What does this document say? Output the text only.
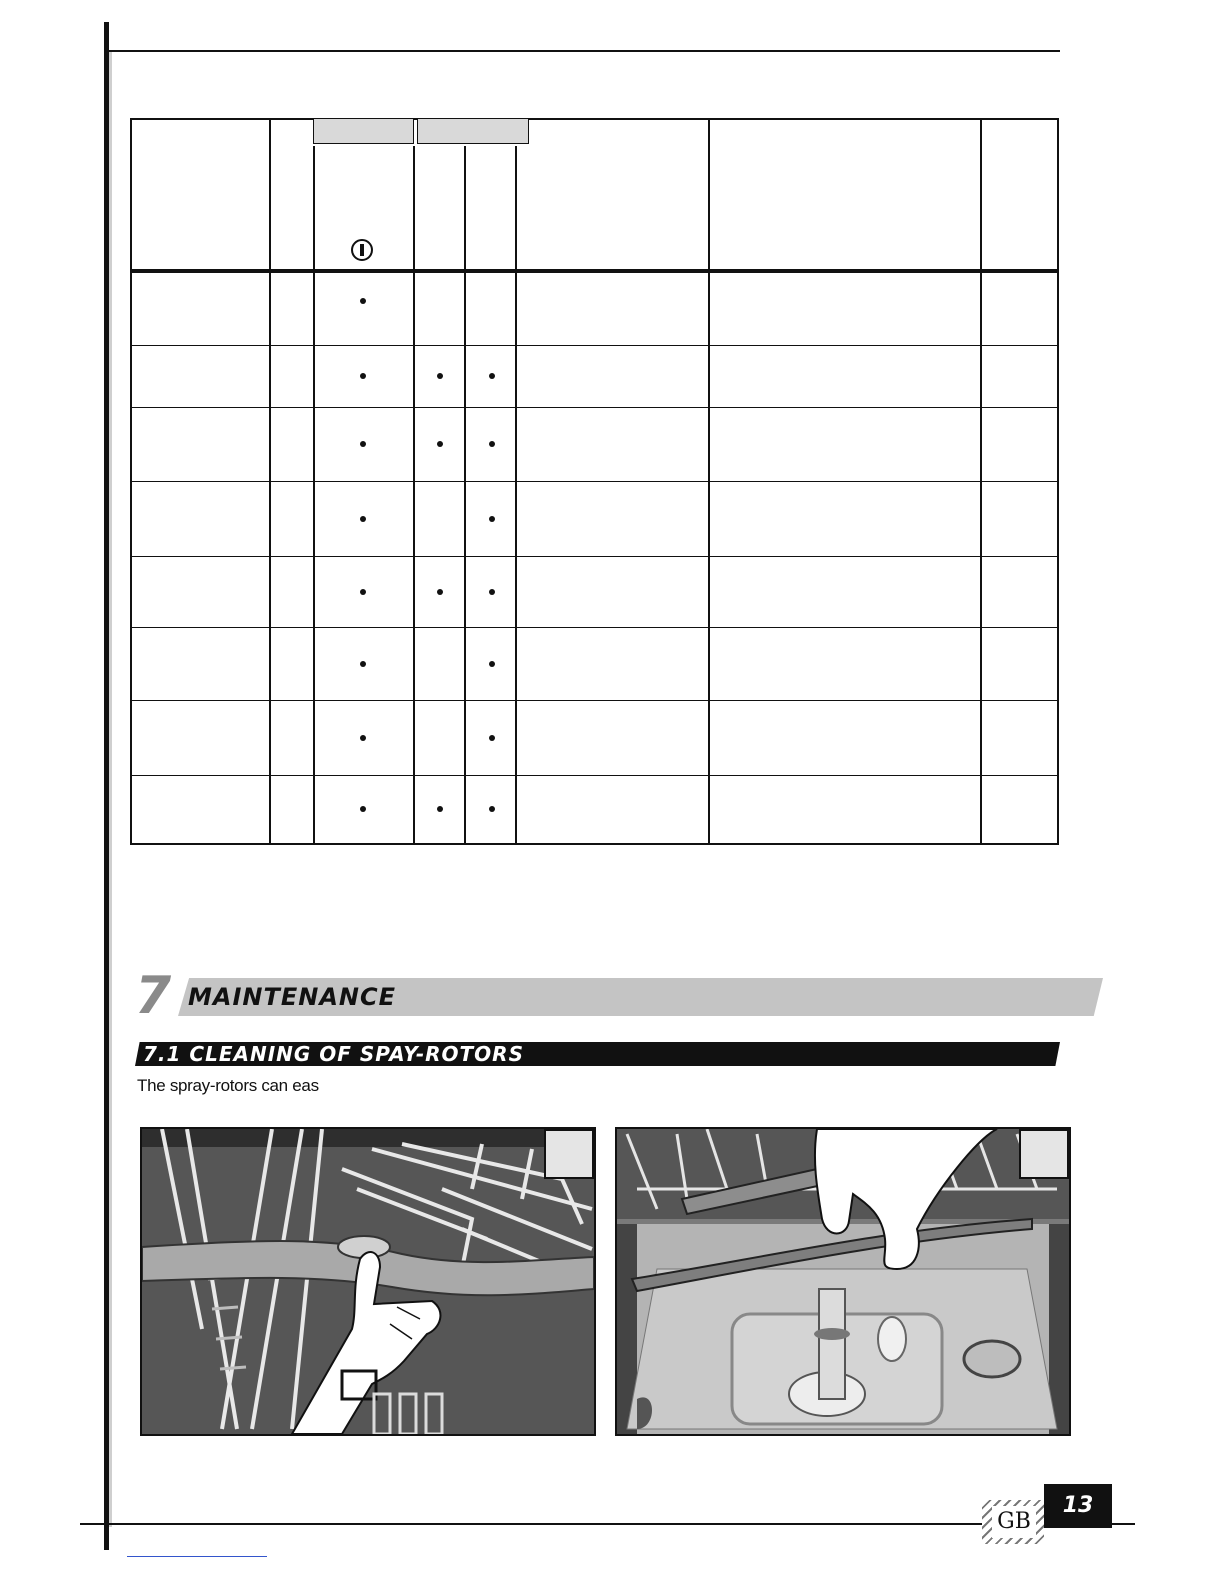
7 MAINTENANCE
7.1 CLEANING OF SPAY-ROTORS
The spray-rotors can eas
GB
13
